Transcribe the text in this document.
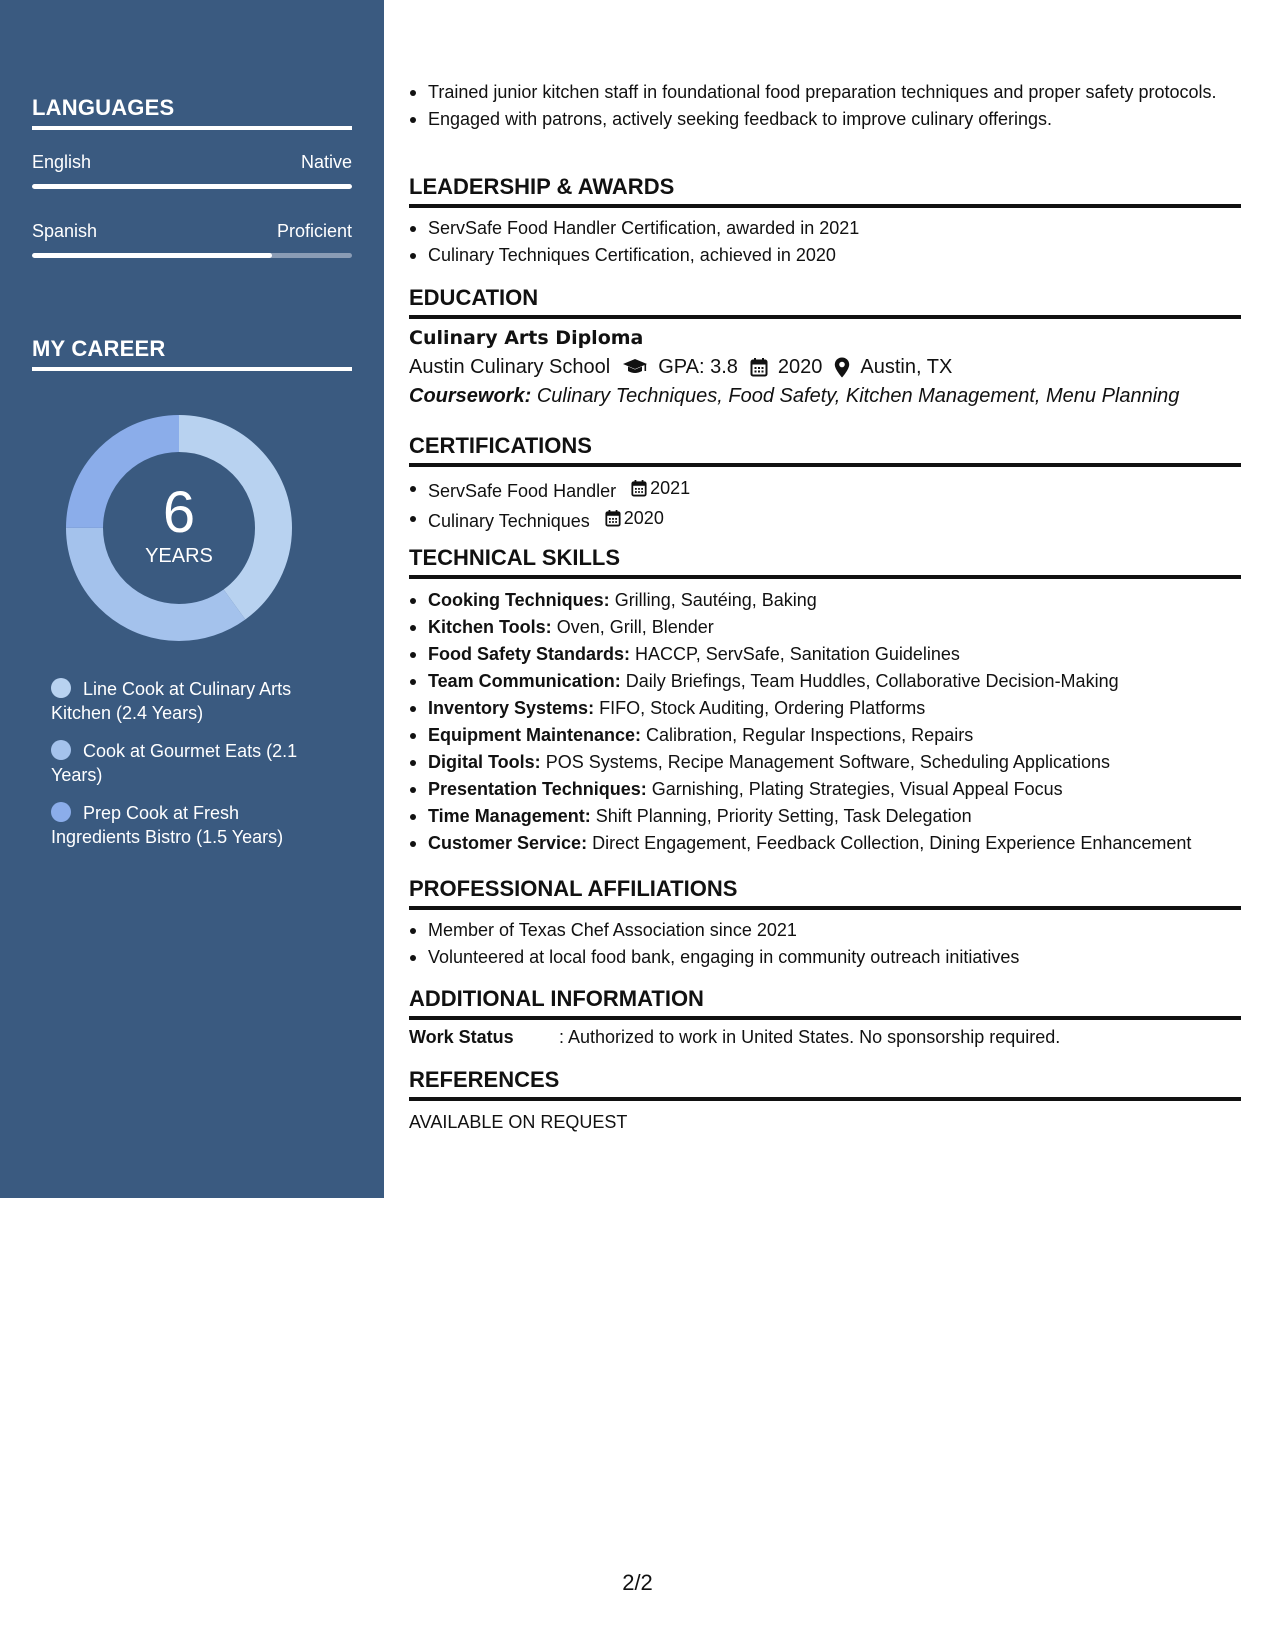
LANGUAGES
English	Native
Spanish	Proficient
MY CAREER
6
YEARS
Line Cook at Culinary Arts Kitchen (2.4 Years)
Cook at Gourmet Eats (2.1 Years)
Prep Cook at Fresh Ingredients Bistro (1.5 Years)
Trained junior kitchen staff in foundational food preparation techniques and proper safety protocols.
Engaged with patrons, actively seeking feedback to improve culinary offerings.
LEADERSHIP & AWARDS
ServSafe Food Handler Certification, awarded in 2021
Culinary Techniques Certification, achieved in 2020
EDUCATION
Culinary Arts Diploma
Austin Culinary School GPA: 3.8 2020 Austin, TX
Coursework: Culinary Techniques, Food Safety, Kitchen Management, Menu Planning
CERTIFICATIONS
ServSafe Food Handler 2021
Culinary Techniques 2020
TECHNICAL SKILLS
Cooking Techniques: Grilling, Sautéing, Baking
Kitchen Tools: Oven, Grill, Blender
Food Safety Standards: HACCP, ServSafe, Sanitation Guidelines
Team Communication: Daily Briefings, Team Huddles, Collaborative Decision-Making
Inventory Systems: FIFO, Stock Auditing, Ordering Platforms
Equipment Maintenance: Calibration, Regular Inspections, Repairs
Digital Tools: POS Systems, Recipe Management Software, Scheduling Applications
Presentation Techniques: Garnishing, Plating Strategies, Visual Appeal Focus
Time Management: Shift Planning, Priority Setting, Task Delegation
Customer Service: Direct Engagement, Feedback Collection, Dining Experience Enhancement
PROFESSIONAL AFFILIATIONS
Member of Texas Chef Association since 2021
Volunteered at local food bank, engaging in community outreach initiatives
ADDITIONAL INFORMATION
Work Status	: Authorized to work in United States. No sponsorship required.
REFERENCES
AVAILABLE ON REQUEST
2/2
